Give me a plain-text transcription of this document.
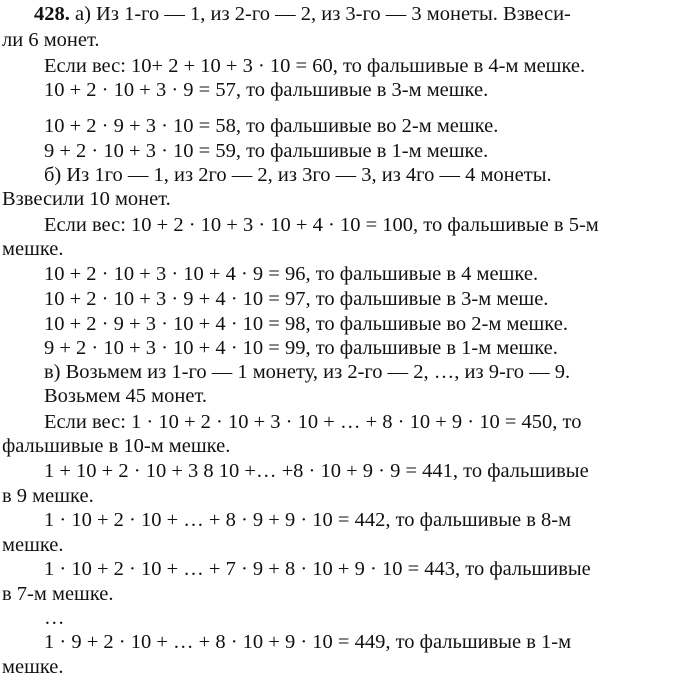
428. а) Из 1-го — 1, из 2-го — 2, из 3-го — 3 монеты. Взвеси-
ли 6 монет.
Если вес: 10+ 2 + 10 + 3 · 10 = 60, то фальшивые в 4-м мешке.
10 + 2 · 10 + 3 · 9 = 57, то фальшивые в 3-м мешке.
10 + 2 · 9 + 3 · 10 = 58, то фальшивые во 2-м мешке.
9 + 2 · 10 + 3 · 10 = 59, то фальшивые в 1-м мешке.
б) Из 1го — 1, из 2го — 2, из 3го — 3, из 4го — 4 монеты.
Взвесили 10 монет.
Если вес: 10 + 2 · 10 + 3 · 10 + 4 · 10 = 100, то фальшивые в 5-м
мешке.
10 + 2 · 10 + 3 · 10 + 4 · 9 = 96, то фальшивые в 4 мешке.
10 + 2 · 10 + 3 · 9 + 4 · 10 = 97, то фальшивые в 3-м меше.
10 + 2 · 9 + 3 · 10 + 4 · 10 = 98, то фальшивые во 2-м мешке.
9 + 2 · 10 + 3 · 10 + 4 · 10 = 99, то фальшивые в 1-м мешке.
в) Возьмем из 1-го — 1 монету, из 2-го — 2, …, из 9-го — 9.
Возьмем 45 монет.
Если вес: 1 · 10 + 2 · 10 + 3 · 10 + … + 8 · 10 + 9 · 10 = 450, то
фальшивые в 10-м мешке.
1 + 10 + 2 · 10 + 3 8 10 +… +8 · 10 + 9 · 9 = 441, то фальшивые
в 9 мешке.
1 · 10 + 2 · 10 + … + 8 · 9 + 9 · 10 = 442, то фальшивые в 8-м
мешке.
1 · 10 + 2 · 10 + … + 7 · 9 + 8 · 10 + 9 · 10 = 443, то фальшивые
в 7-м мешке.
…
1 · 9 + 2 · 10 + … + 8 · 10 + 9 · 10 = 449, то фальшивые в 1-м
мешке.
